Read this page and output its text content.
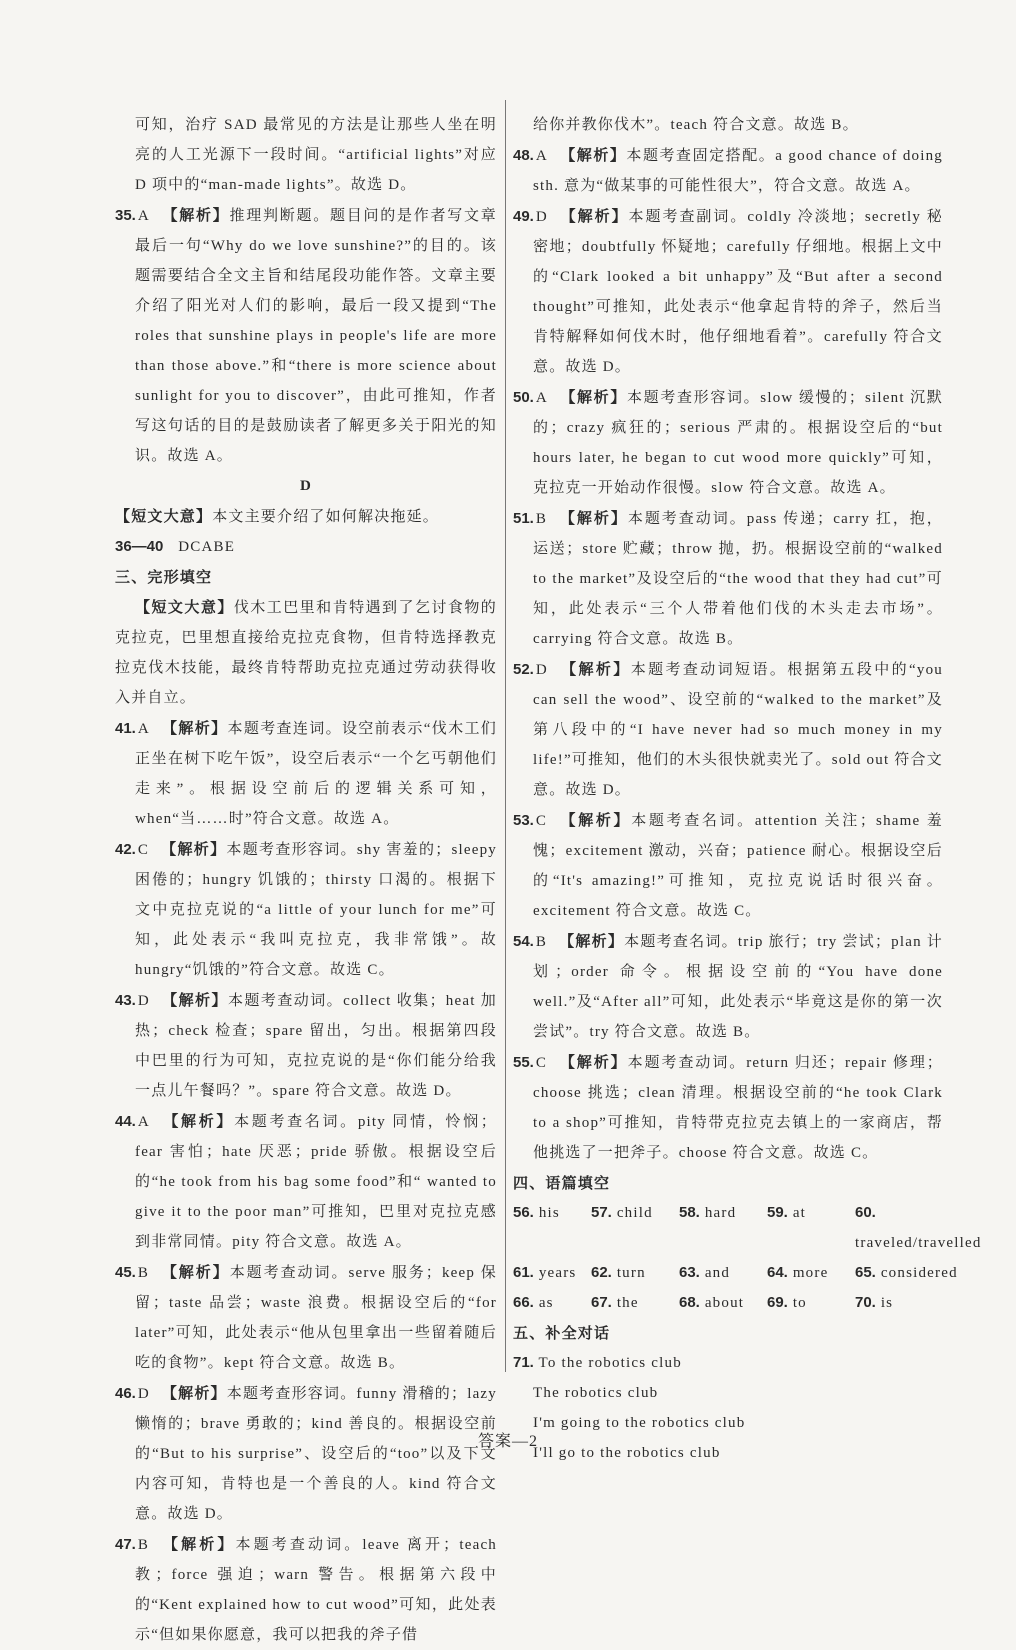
可知，治疗 SAD 最常见的方法是让那些人坐在明亮的人工光源下一段时间。“artificial lights”对应 D 项中的“man-made lights”。故选 D。

35. A 【解析】推理判断题。题目问的是作者写文章最后一句“Why do we love sunshine?”的目的。该题需要结合全文主旨和结尾段功能作答。文章主要介绍了阳光对人们的影响，最后一段又提到“The roles that sunshine plays in people's life are more than those above.”和“there is more science about sunlight for you to discover”，由此可推知，作者写这句话的目的是鼓励读者了解更多关于阳光的知识。故选 A。
D
【短文大意】本文主要介绍了如何解决拖延。
36—40 DCABE
三、完形填空
【短文大意】伐木工巴里和肯特遇到了乞讨食物的克拉克，巴里想直接给克拉克食物，但肯特选择教克拉克伐木技能，最终肯特帮助克拉克通过劳动获得收入并自立。
41. A 【解析】本题考查连词。设空前表示“伐木工们正坐在树下吃午饭”，设空后表示“一个乞丐朝他们走来”。根据设空前后的逻辑关系可知，when“当……时”符合文意。故选 A。
42. C 【解析】本题考查形容词。shy 害羞的；sleepy 困倦的；hungry 饥饿的；thirsty 口渴的。根据下文中克拉克说的“a little of your lunch for me”可知，此处表示“我叫克拉克，我非常饿”。故 hungry“饥饿的”符合文意。故选 C。
43. D 【解析】本题考查动词。collect 收集；heat 加热；check 检查；spare 留出，匀出。根据第四段中巴里的行为可知，克拉克说的是“你们能分给我一点儿午餐吗？”。spare 符合文意。故选 D。
44. A 【解析】本题考查名词。pity 同情，怜悯；fear 害怕；hate 厌恶；pride 骄傲。根据设空后的“he took from his bag some food”和“ wanted to give it to the poor man”可推知，巴里对克拉克感到非常同情。pity 符合文意。故选 A。
45. B 【解析】本题考查动词。serve 服务；keep 保留；taste 品尝；waste 浪费。根据设空后的“for later”可知，此处表示“他从包里拿出一些留着随后吃的食物”。kept 符合文意。故选 B。
46. D 【解析】本题考查形容词。funny 滑稽的；lazy 懒惰的；brave 勇敢的；kind 善良的。根据设空前的“But to his surprise”、设空后的“too”以及下文内容可知，肯特也是一个善良的人。kind 符合文意。故选 D。
47. B 【解析】本题考查动词。leave 离开；teach 教；force 强迫；warn 警告。根据第六段中的“Kent explained how to cut wood”可知，此处表示“但如果你愿意，我可以把我的斧子借

给你并教你伐木”。teach 符合文意。故选 B。

48. A 【解析】本题考查固定搭配。a good chance of doing sth. 意为“做某事的可能性很大”，符合文意。故选 A。
49. D 【解析】本题考查副词。coldly 冷淡地；secretly 秘密地；doubtfully 怀疑地；carefully 仔细地。根据上文中的“Clark looked a bit unhappy”及“But after a second thought”可推知，此处表示“他拿起肯特的斧子，然后当肯特解释如何伐木时，他仔细地看着”。carefully 符合文意。故选 D。
50. A 【解析】本题考查形容词。slow 缓慢的；silent 沉默的；crazy 疯狂的；serious 严肃的。根据设空后的“but hours later, he began to cut wood more quickly”可知，克拉克一开始动作很慢。slow 符合文意。故选 A。
51. B 【解析】本题考查动词。pass 传递；carry 扛，抱，运送；store 贮藏；throw 抛，扔。根据设空前的“walked to the market”及设空后的“the wood that they had cut”可知，此处表示“三个人带着他们伐的木头走去市场”。carrying 符合文意。故选 B。
52. D 【解析】本题考查动词短语。根据第五段中的“you can sell the wood”、设空前的“walked to the market”及第八段中的“I have never had so much money in my life!”可推知，他们的木头很快就卖光了。sold out 符合文意。故选 D。
53. C 【解析】本题考查名词。attention 关注；shame 羞愧；excitement 激动，兴奋；patience 耐心。根据设空后的“It's amazing!”可推知，克拉克说话时很兴奋。excitement 符合文意。故选 C。
54. B 【解析】本题考查名词。trip 旅行；try 尝试；plan 计划；order 命令。根据设空前的“You have done well.”及“After all”可知，此处表示“毕竟这是你的第一次尝试”。try 符合文意。故选 B。
55. C 【解析】本题考查动词。return 归还；repair 修理；choose 挑选；clean 清理。根据设空前的“he took Clark to a shop”可推知，肯特带克拉克去镇上的一家商店，帮他挑选了一把斧子。choose 符合文意。故选 C。
四、语篇填空
56. his	57. child	58. hard	59. at	60. traveled/travelled
61. years 62. turn	63. and	64. more	65. considered
66. as	67. the	68. about	69. to	70. is
五、补全对话
71. To the robotics club
The robotics club
I'm going to the robotics club
I'll go to the robotics club
答案—2
